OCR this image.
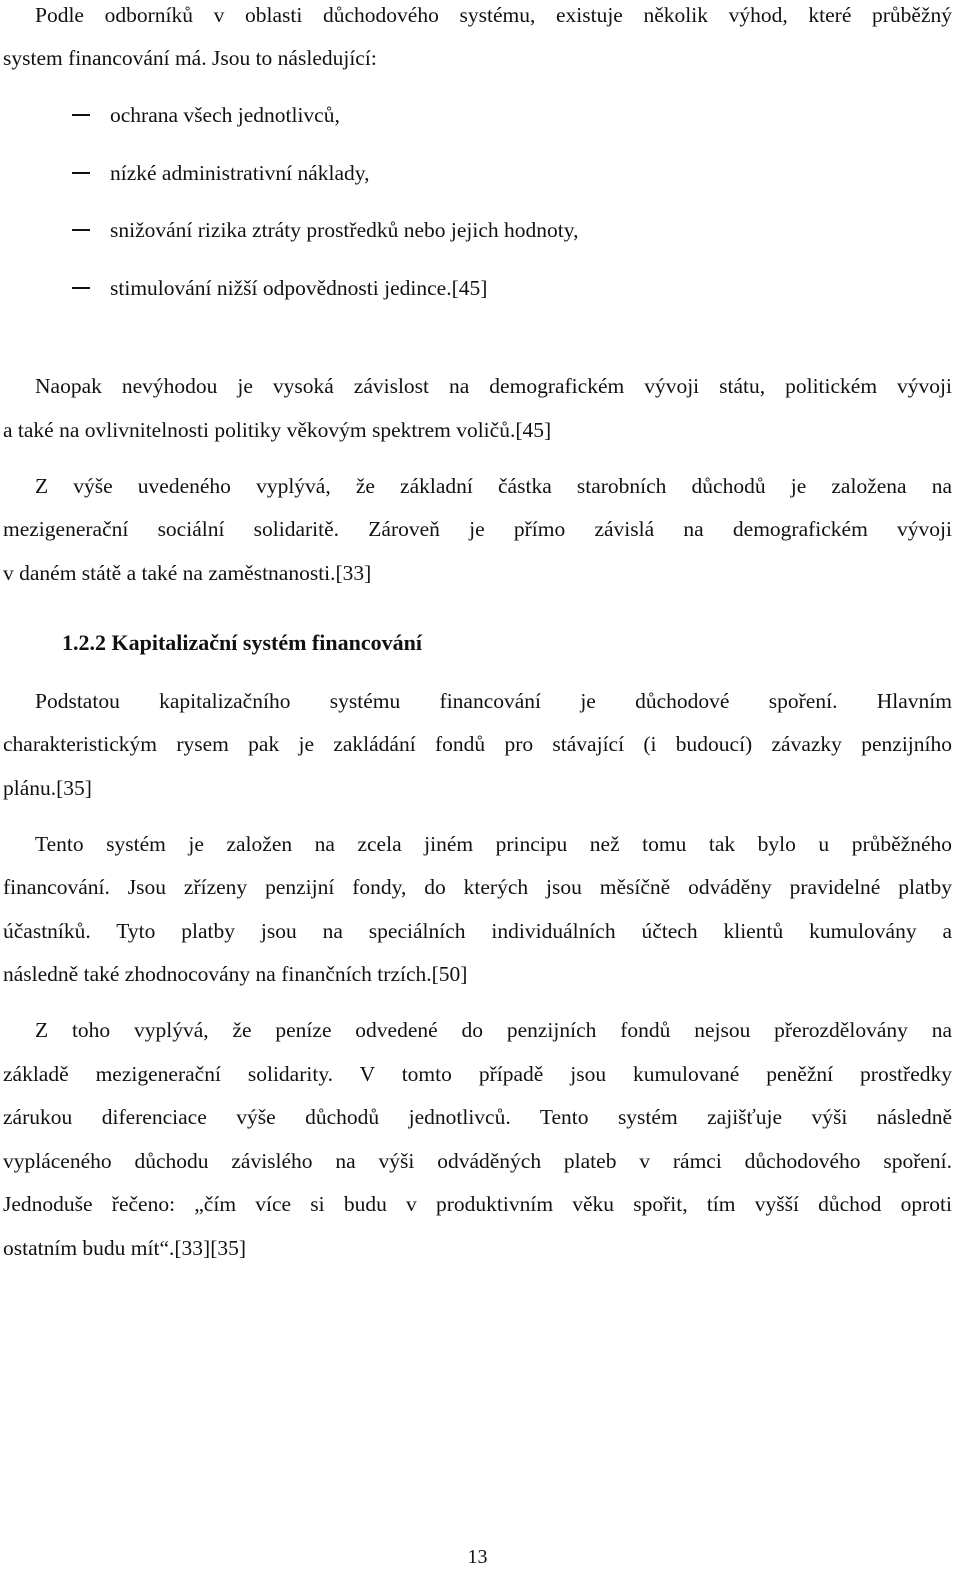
Podle odborníků v oblasti důchodového systému, existuje několik výhod, které průběžný
system financování má. Jsou to následující:
ochrana všech jednotlivců,
nízké administrativní náklady,
snižování rizika ztráty prostředků nebo jejich hodnoty,
stimulování nižší odpovědnosti jedince.[45]
Naopak nevýhodou je vysoká závislost na demografickém vývoji státu, politickém vývoji
a také na ovlivnitelnosti politiky věkovým spektrem voličů.[45]
Z výše uvedeného vyplývá, že základní částka starobních důchodů je založena na
mezigenerační sociální solidaritě. Zároveň je přímo závislá na demografickém vývoji
v daném státě a také na zaměstnanosti.[33]
1.2.2 Kapitalizační systém financování
Podstatou kapitalizačního systému financování je důchodové spoření. Hlavním
charakteristickým rysem pak je zakládání fondů pro stávající (i budoucí) závazky penzijního
plánu.[35]
Tento systém je založen na zcela jiném principu než tomu tak bylo u průběžného
financování. Jsou zřízeny penzijní fondy, do kterých jsou měsíčně odváděny pravidelné platby
účastníků. Tyto platby jsou na speciálních individuálních účtech klientů kumulovány a
následně také zhodnocovány na finančních trzích.[50]
Z toho vyplývá, že peníze odvedené do penzijních fondů nejsou přerozdělovány na
základě mezigenerační solidarity. V tomto případě jsou kumulované peněžní prostředky
zárukou diferenciace výše důchodů jednotlivců. Tento systém zajišťuje výši následně
vypláceného důchodu závislého na výši odváděných plateb v rámci důchodového spoření.
Jednoduše řečeno: „čím více si budu v produktivním věku spořit, tím vyšší důchod oproti
ostatním budu mít“.[33][35]
13
